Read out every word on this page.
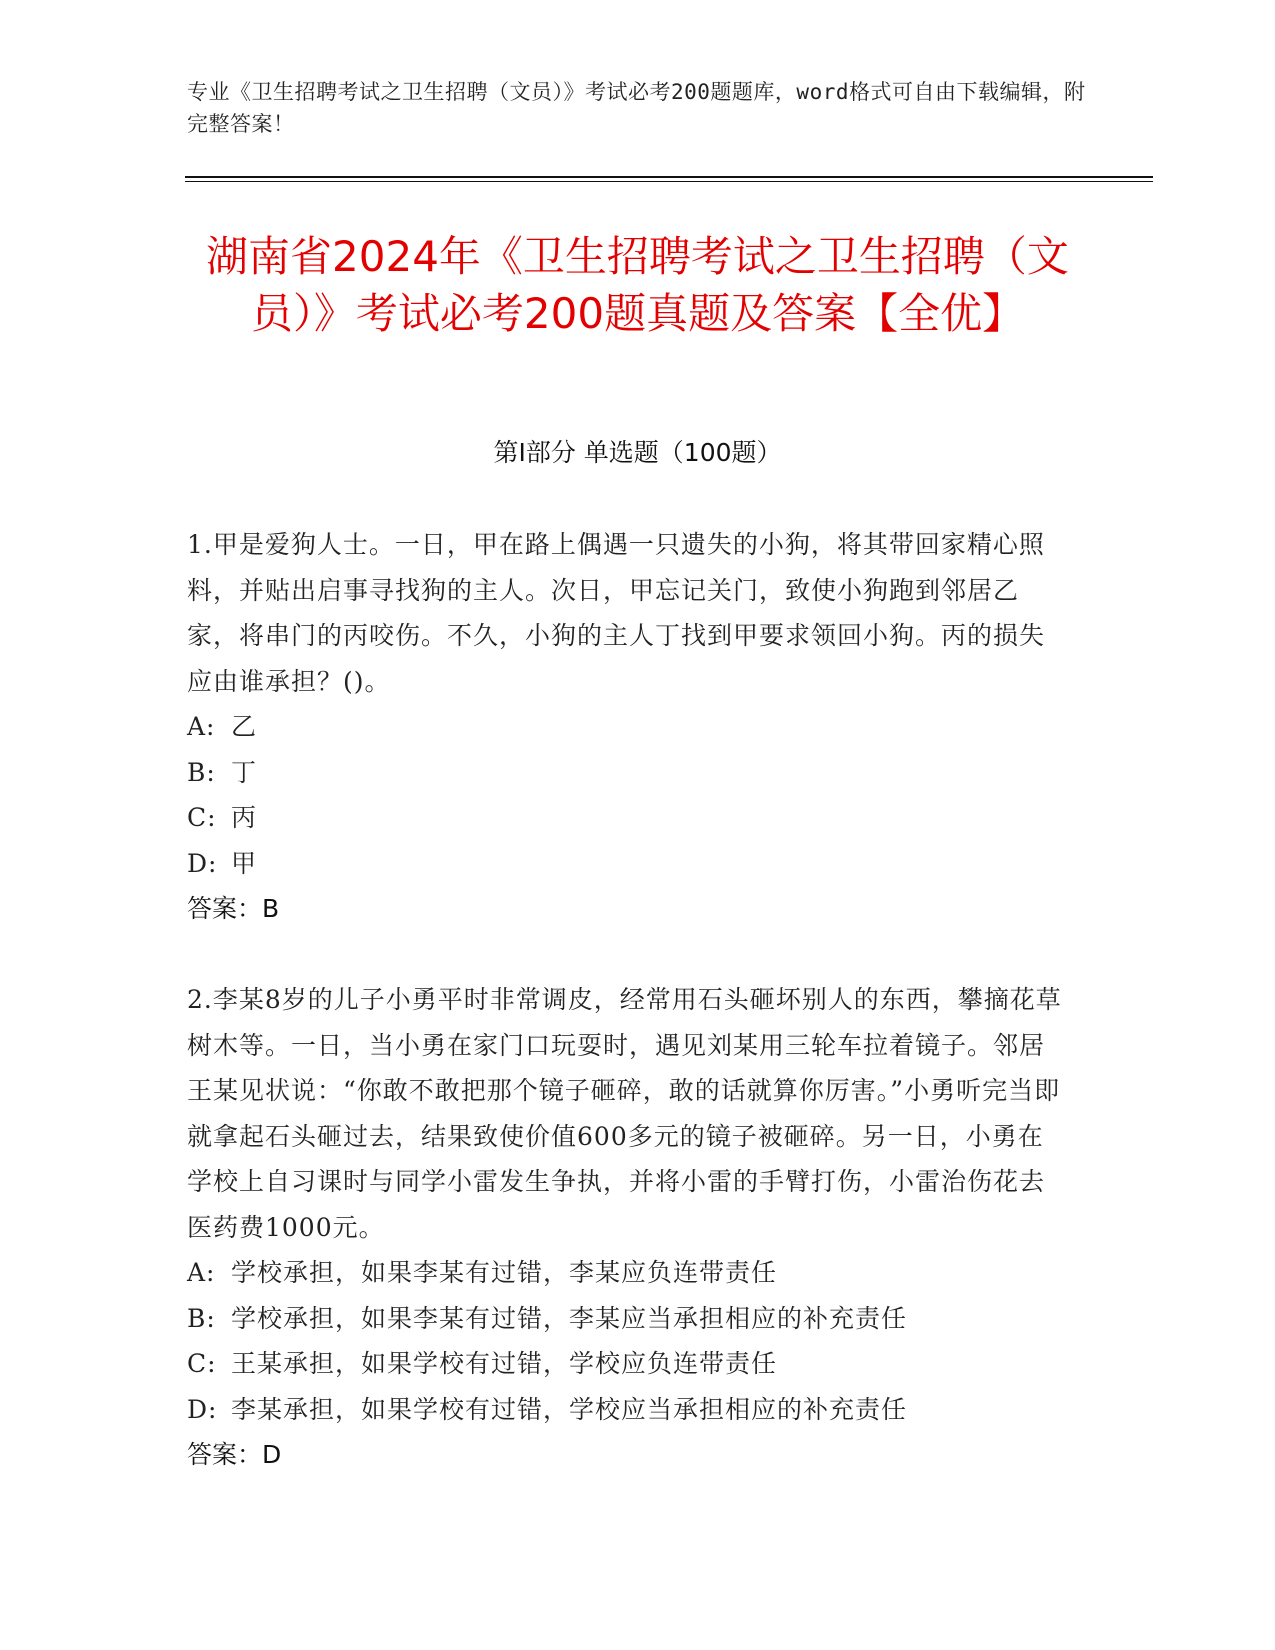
专业《卫生招聘考试之卫生招聘（文员）》考试必考200题题库，word格式可自由下载编辑，附完整答案！
湖南省2024年《卫生招聘考试之卫生招聘（文员）》考试必考200题真题及答案【全优】
第I部分 单选题（100题）

1.甲是爱狗人士。一日，甲在路上偶遇一只遗失的小狗，将其带回家精心照料，并贴出启事寻找狗的主人。次日，甲忘记关门，致使小狗跑到邻居乙家，将串门的丙咬伤。不久，小狗的主人丁找到甲要求领回小狗。丙的损失应由谁承担？()。

A: 乙

B: 丁

C: 丙

D: 甲

答案：B

2.李某8岁的儿子小勇平时非常调皮，经常用石头砸坏别人的东西，攀摘花草树木等。一日，当小勇在家门口玩耍时，遇见刘某用三轮车拉着镜子。邻居王某见状说：“你敢不敢把那个镜子砸碎，敢的话就算你厉害。”小勇听完当即就拿起石头砸过去，结果致使价值600多元的镜子被砸碎。另一日，小勇在学校上自习课时与同学小雷发生争执，并将小雷的手臂打伤，小雷治伤花去医药费1000元。

A: 学校承担，如果李某有过错，李某应负连带责任

B: 学校承担，如果李某有过错，李某应当承担相应的补充责任

C: 王某承担，如果学校有过错，学校应负连带责任

D: 李某承担，如果学校有过错，学校应当承担相应的补充责任

答案：D
